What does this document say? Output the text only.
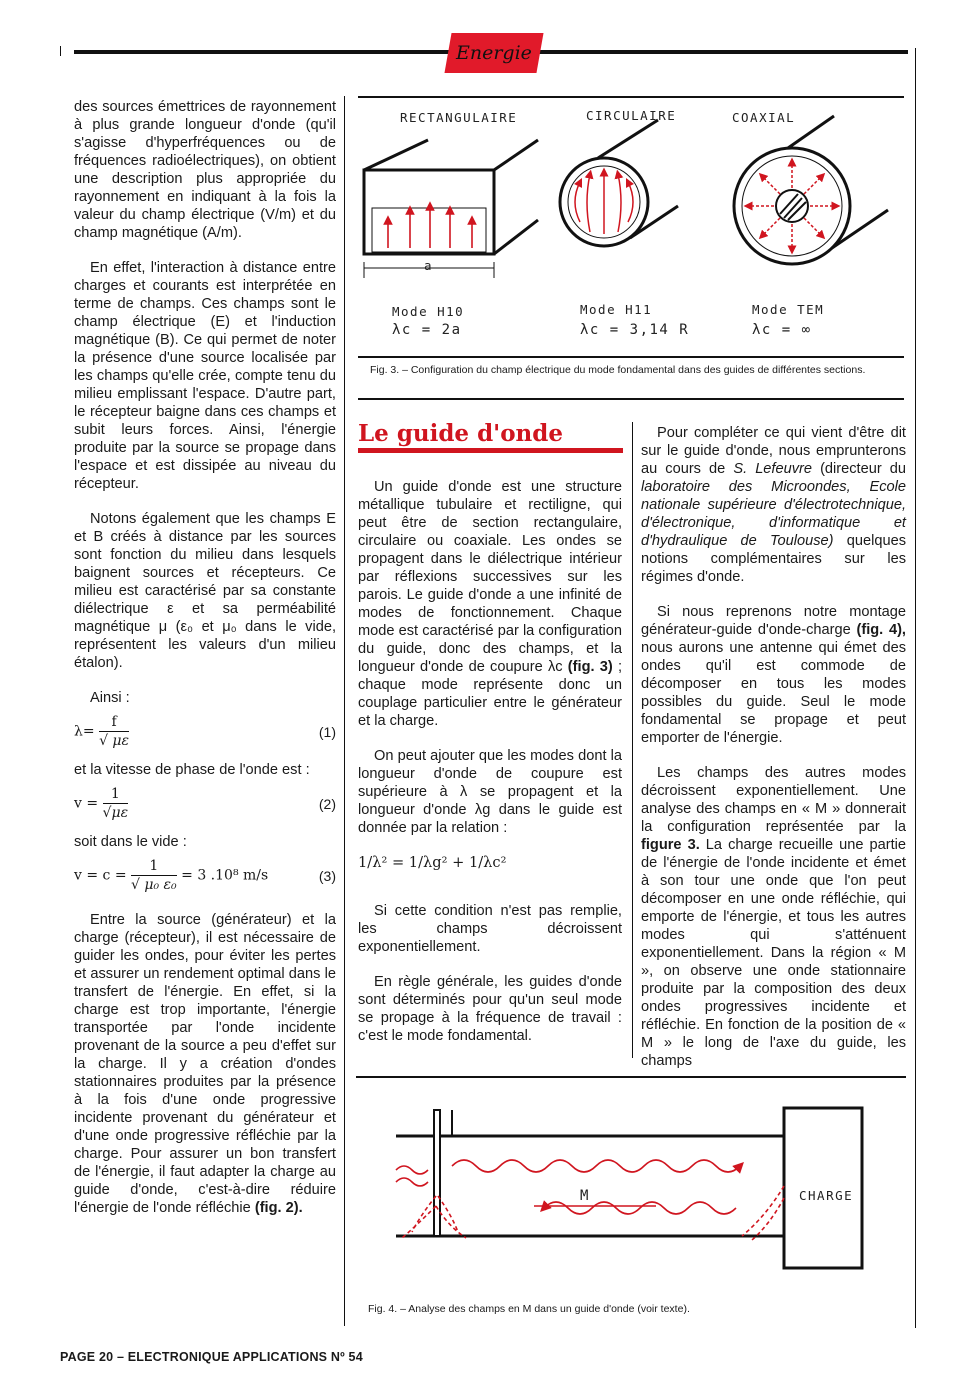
Energie

des sources émettrices de rayonnement à plus grande longueur d'onde (qu'il s'agisse d'hyperfréquences ou de fréquences radioélectriques), on obtient une description plus appropriée du rayonnement en indiquant à la fois la valeur du champ électrique (V/m) et du champ magnétique (A/m).

En effet, l'interaction à distance entre charges et courants est interprétée en terme de champs. Ces champs sont le champ électrique (E) et l'induction magnétique (B). Ce qui permet de noter la présence d'une source localisée par les champs qu'elle crée, compte tenu du milieu emplissant l'espace. D'autre part, le récepteur baigne dans ces champs et subit leurs forces. Ainsi, l'énergie produite par la source se propage dans l'espace et est dissipée au niveau du récepteur.

Notons également que les champs E et B créés à distance par les sources sont fonction du milieu dans lesquels baignent sources et récepteurs. Ce milieu est caractérisé par sa constante diélectrique ε et sa perméabilité magnétique μ (ε₀ et μ₀ dans le vide, représentent les valeurs d'un milieu étalon).

Ainsi :

$\lambda= \frac{f}{√ \mu\varepsilon}$	(1)

et la vitesse de phase de l'onde est :

$v = \frac{1}{√\mu\varepsilon}$	(2)

soit dans le vide :

$v = c = \frac{1}{\text{√ μ₀ ε₀}} = 3$ .10⁸ m/s	(3)

Entre la source (générateur) et la charge (récepteur), il est nécessaire de guider les ondes, pour éviter les pertes et assurer un rendement optimal dans le transfert de l'énergie. En effet, si la charge est trop importante, l'énergie transportée par l'onde incidente provenant de la source a peu d'effet sur la charge. Il y a création d'ondes stationnaires produites par la présence à la fois d'une onde progressive incidente provenant du générateur et d'une onde progressive réfléchie par la charge. Pour assurer un bon transfert de l'énergie, il faut adapter la charge au guide d'onde, c'est-à-dire réduire l'énergie de l'onde réfléchie (fig. 2).

RECTANGULAIRE	CIRCULAIRE	COAXIAL
a
Mode H10
λc = 2a
Mode H11
λc = 3,14 R
Mode TEM
λc = ∞
Fig. 3. – Configuration du champ électrique du mode fondamental dans des guides de différentes sections.
Le guide d'onde

Un guide d'onde est une structure métallique tubulaire et rectiligne, qui peut être de section rectangulaire, circulaire ou coaxiale. Les ondes se propagent dans le diélectrique intérieur par réflexions successives sur les parois. Le guide d'onde a une infinité de modes de fonctionnement. Chaque mode est caractérisé par la configuration du guide, donc des champs, et la longueur d'onde de coupure λc (fig. 3) ; chaque mode représente donc un couplage particulier entre le générateur et la charge.

On peut ajouter que les modes dont la longueur d'onde de coupure est supérieure à λ se propagent et la longueur d'onde λg dans le guide est donnée par la relation :

1/λ² = 1/λg² + 1/λc²

Si cette condition n'est pas remplie, les champs décroissent exponentiellement.

En règle générale, les guides d'onde sont déterminés pour qu'un seul mode se propage à la fréquence de travail : c'est le mode fondamental.

Pour compléter ce qui vient d'être dit sur le guide d'onde, nous emprunterons au cours de S. Lefeuvre (directeur du laboratoire des Microondes, Ecole nationale supérieure d'électrotechnique, d'électronique, d'informatique et d'hydraulique de Toulouse) quelques notions complémentaires sur les régimes d'onde.

Si nous reprenons notre montage générateur-guide d'onde-charge (fig. 4), nous aurons une antenne qui émet des ondes qu'il est commode de décomposer en tous les modes possibles du guide. Seul le mode fondamental se propage et peut emporter de l'énergie.

Les champs des autres modes décroissent exponentiellement. Une analyse des champs en « M » donnerait la configuration représentée par la figure 3. La charge recueille une partie de l'énergie de l'onde incidente et émet à son tour une onde que l'on peut décomposer en une onde réfléchie, qui emporte de l'énergie, et tous les autres modes qui s'atténuent exponentiellement. Dans la région « M », on observe une onde stationnaire produite par la composition des deux ondes progressives incidente et réfléchie. En fonction de la position de « M » le long de l'axe du guide, les champs

M	CHARGE
Fig. 4. – Analyse des champs en M dans un guide d'onde (voir texte).
PAGE 20 – ELECTRONIQUE APPLICATIONS Nº 54
